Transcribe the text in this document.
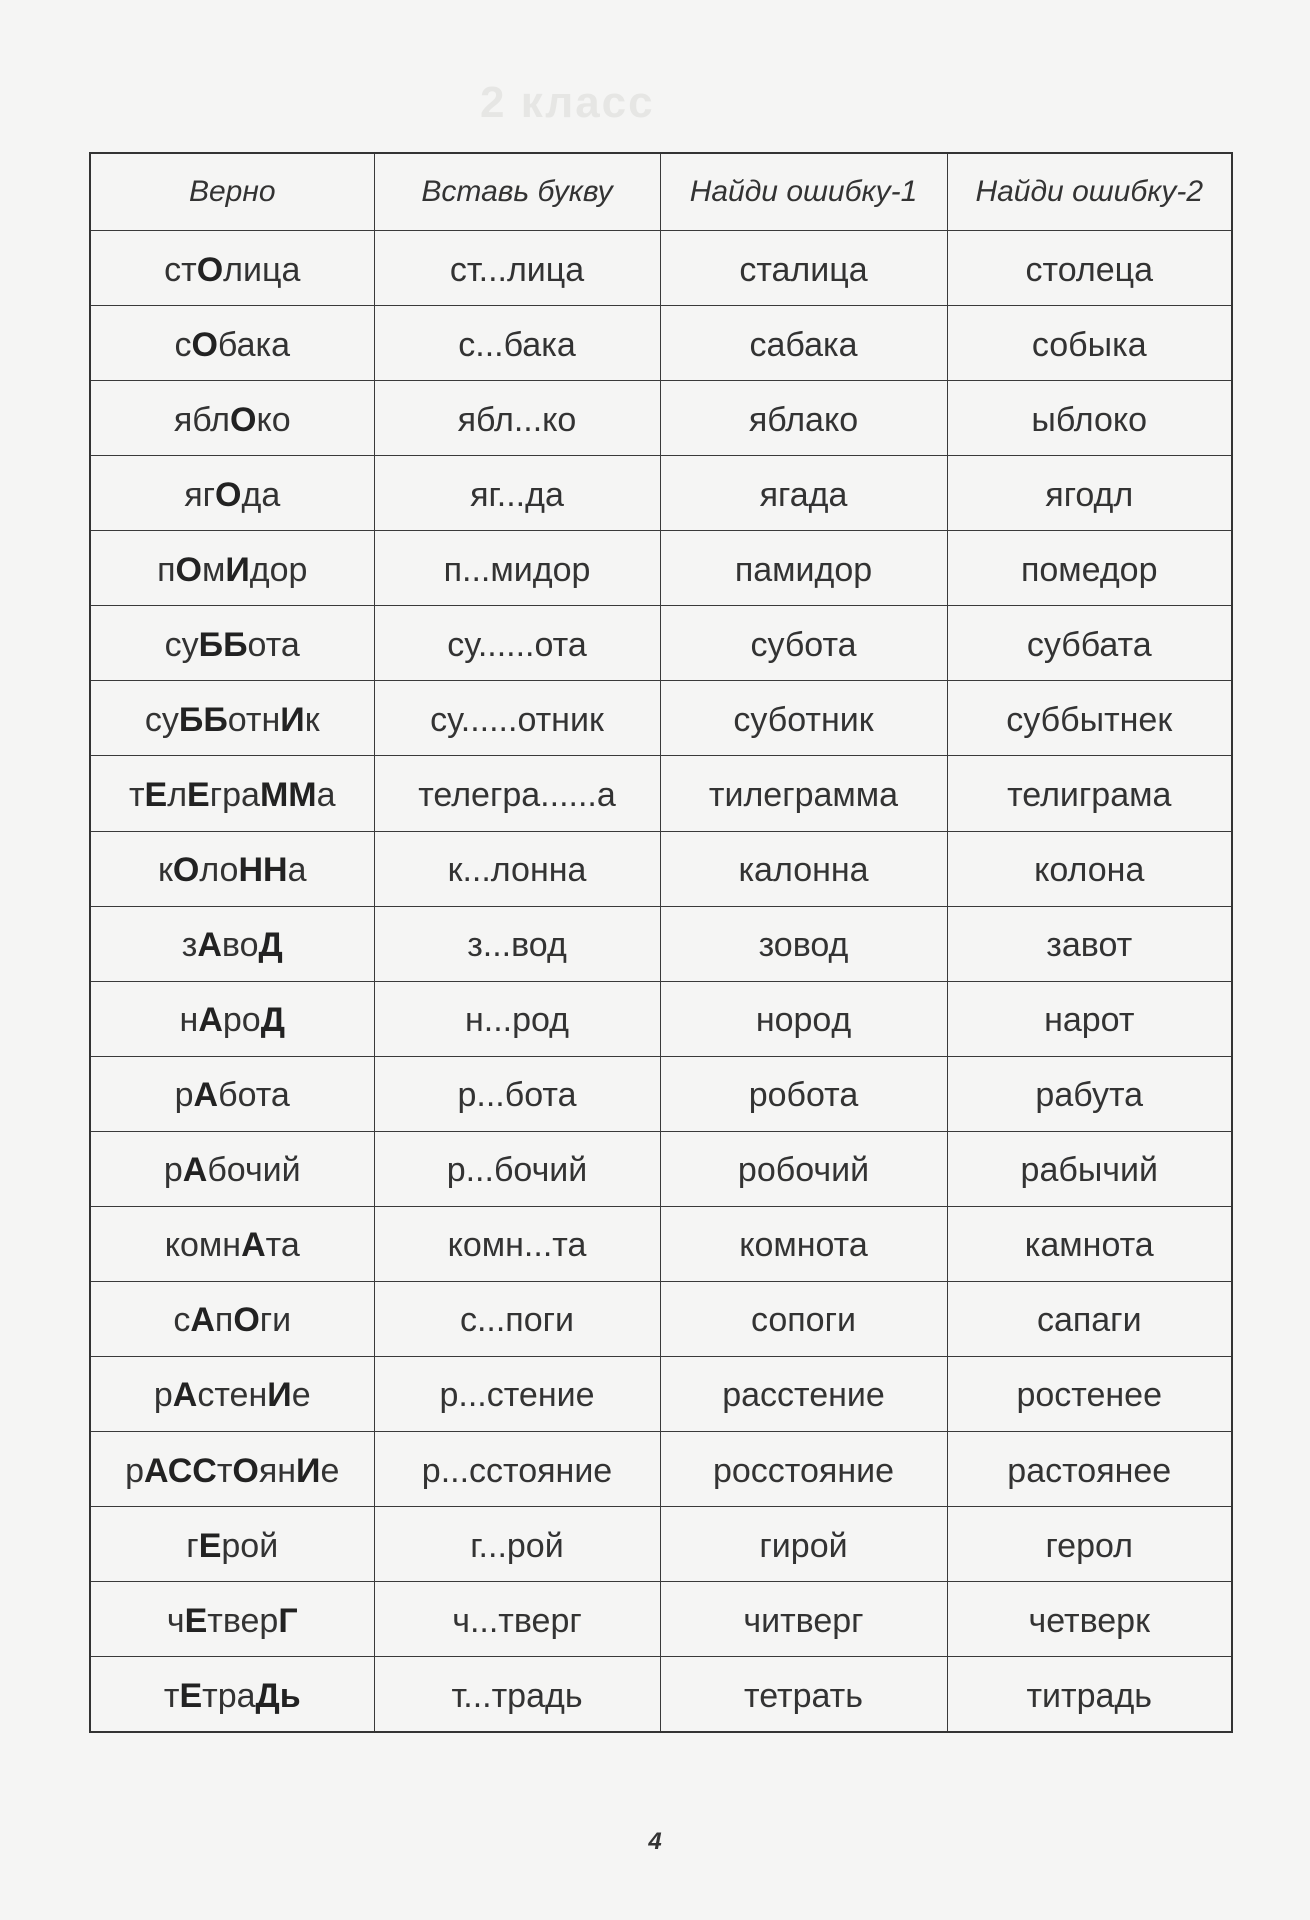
2 класс
Верно	Вставь букву	Найди ошибку-1	Найди ошибку-2
стОлица	ст...лица	сталица	столеца
сОбака	с...бака	сабака	собыка
яблОко	ябл...ко	яблако	ыблоко
ягОда	яг...да	ягада	ягодл
пОмИдор	п...мидор	памидор	помедор
суББота	су......ота	субота	суббата
суББотнИк	су......отник	суботник	суббытнек
тЕлЕграММа	телегра......а	тилеграмма	телиграма
кОлоННа	к...лонна	калонна	колона
зАвоД	з...вод	зовод	завот
нАроД	н...род	норoд	нарот
рАбота	р...бота	робота	рабута
рАбочий	р...бочий	робочий	рабычий
комнАта	комн...та	комнота	камнота
сАпОги	с...поги	сопоги	сапаги
рАстенИе	р...стение	расстение	ростенее
рАССтОянИе	р...сстояние	росстояние	растоянее
гЕрой	г...рой	гирой	герол
чЕтверГ	ч...тверг	читверг	четверк
тЕтраДь	т...традь	тетрать	титрадь
4
